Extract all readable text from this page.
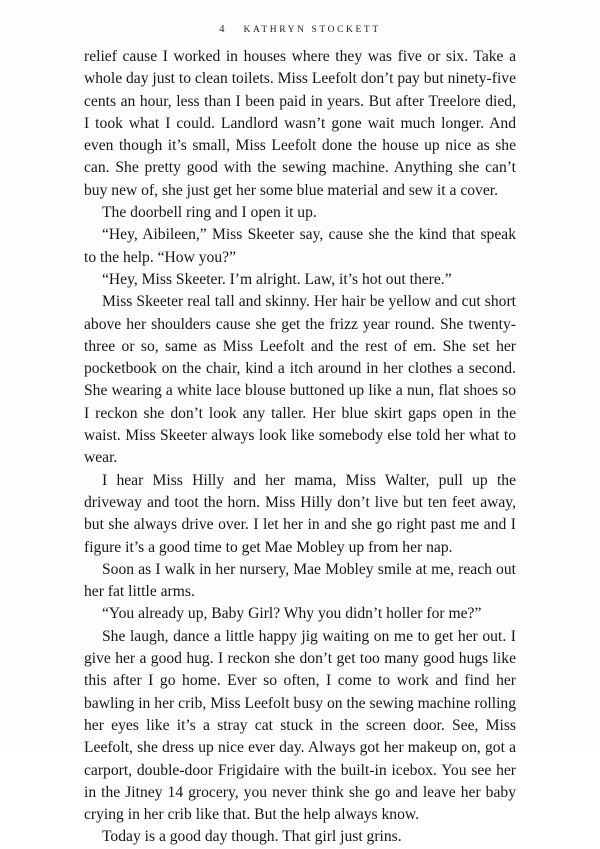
4 KATHRYN STOCKETT

relief cause I worked in houses where they was five or six. Take a whole day just to clean toilets. Miss Leefolt don’t pay but ninety-five cents an hour, less than I been paid in years. But after Treelore died, I took what I could. Landlord wasn’t gone wait much longer. And even though it’s small, Miss Leefolt done the house up nice as she can. She pretty good with the sewing machine. Anything she can’t buy new of, she just get her some blue material and sew it a cover.

The doorbell ring and I open it up.

“Hey, Aibileen,” Miss Skeeter say, cause she the kind that speak to the help. “How you?”

“Hey, Miss Skeeter. I’m alright. Law, it’s hot out there.”

Miss Skeeter real tall and skinny. Her hair be yellow and cut short above her shoulders cause she get the frizz year round. She twenty-three or so, same as Miss Leefolt and the rest of em. She set her pocketbook on the chair, kind a itch around in her clothes a second. She wearing a white lace blouse buttoned up like a nun, flat shoes so I reckon she don’t look any taller. Her blue skirt gaps open in the waist. Miss Skeeter always look like somebody else told her what to wear.

I hear Miss Hilly and her mama, Miss Walter, pull up the driveway and toot the horn. Miss Hilly don’t live but ten feet away, but she always drive over. I let her in and she go right past me and I figure it’s a good time to get Mae Mobley up from her nap.

Soon as I walk in her nursery, Mae Mobley smile at me, reach out her fat little arms.

“You already up, Baby Girl? Why you didn’t holler for me?”

She laugh, dance a little happy jig waiting on me to get her out. I give her a good hug. I reckon she don’t get too many good hugs like this after I go home. Ever so often, I come to work and find her bawling in her crib, Miss Leefolt busy on the sewing machine rolling her eyes like it’s a stray cat stuck in the screen door. See, Miss Leefolt, she dress up nice ever day. Always got her makeup on, got a carport, double-door Frigidaire with the built-in icebox. You see her in the Jitney 14 grocery, you never think she go and leave her baby crying in her crib like that. But the help always know.

Today is a good day though. That girl just grins.
